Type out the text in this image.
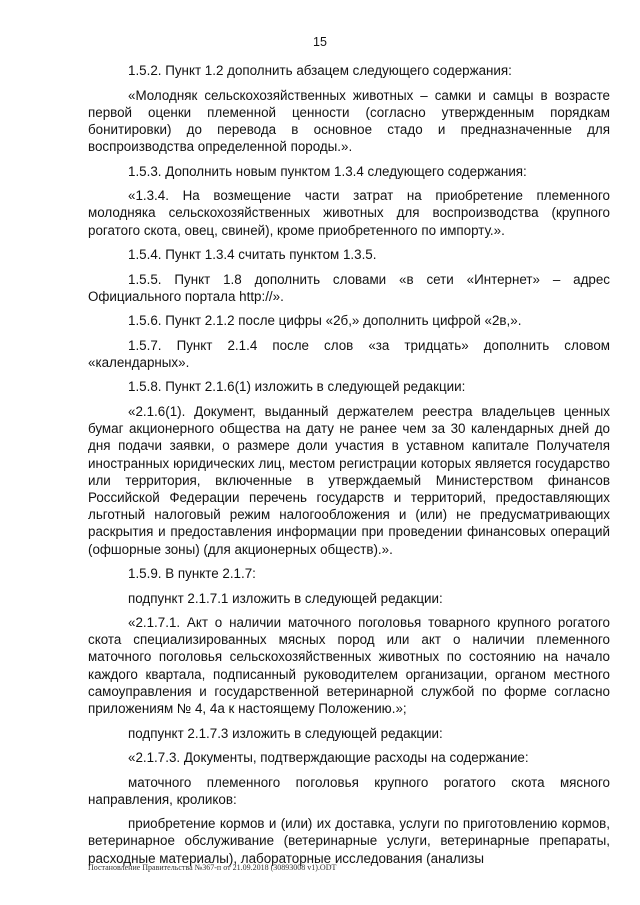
15

1.5.2. Пункт 1.2 дополнить абзацем следующего содержания:

«Молодняк сельскохозяйственных животных – самки и самцы в возрасте первой оценки племенной ценности (согласно утвержденным порядкам бонитировки) до перевода в основное стадо и предназначенные для воспроизводства определенной породы.».

1.5.3. Дополнить новым пунктом 1.3.4 следующего содержания:

«1.3.4. На возмещение части затрат на приобретение племенного молодняка сельскохозяйственных животных для воспроизводства (крупного рогатого скота, овец, свиней), кроме приобретенного по импорту.».

1.5.4. Пункт 1.3.4 считать пунктом 1.3.5.

1.5.5. Пункт 1.8 дополнить словами «в сети «Интернет» – адрес Официального портала http://».

1.5.6. Пункт 2.1.2 после цифры «2б,» дополнить цифрой «2в,».

1.5.7. Пункт 2.1.4 после слов «за тридцать» дополнить словом «календарных».

1.5.8. Пункт 2.1.6(1) изложить в следующей редакции:

«2.1.6(1). Документ, выданный держателем реестра владельцев ценных бумаг акционерного общества на дату не ранее чем за 30 календарных дней до дня подачи заявки, о размере доли участия в уставном капитале Получателя иностранных юридических лиц, местом регистрации которых является государство или территория, включенные в утверждаемый Министерством финансов Российской Федерации перечень государств и территорий, предоставляющих льготный налоговый режим налогообложения и (или) не предусматривающих раскрытия и предоставления информации при проведении финансовых операций (офшорные зоны) (для акционерных обществ).».

1.5.9. В пункте 2.1.7:

подпункт 2.1.7.1 изложить в следующей редакции:

«2.1.7.1. Акт о наличии маточного поголовья товарного крупного рогатого скота специализированных мясных пород или акт о наличии племенного маточного поголовья сельскохозяйственных животных по состоянию на начало каждого квартала, подписанный руководителем организации, органом местного самоуправления и государственной ветеринарной службой по форме согласно приложениям № 4, 4а к настоящему Положению.»;

подпункт 2.1.7.3 изложить в следующей редакции:

«2.1.7.3. Документы, подтверждающие расходы на содержание:

маточного племенного поголовья крупного рогатого скота мясного направления, кроликов:

приобретение кормов и (или) их доставка, услуги по приготовлению кормов, ветеринарное обслуживание (ветеринарные услуги, ветеринарные препараты, расходные материалы), лабораторные исследования (анализы

Постановление Правительства №367-п от 21.09.2018 (30893008 v1).ODT
